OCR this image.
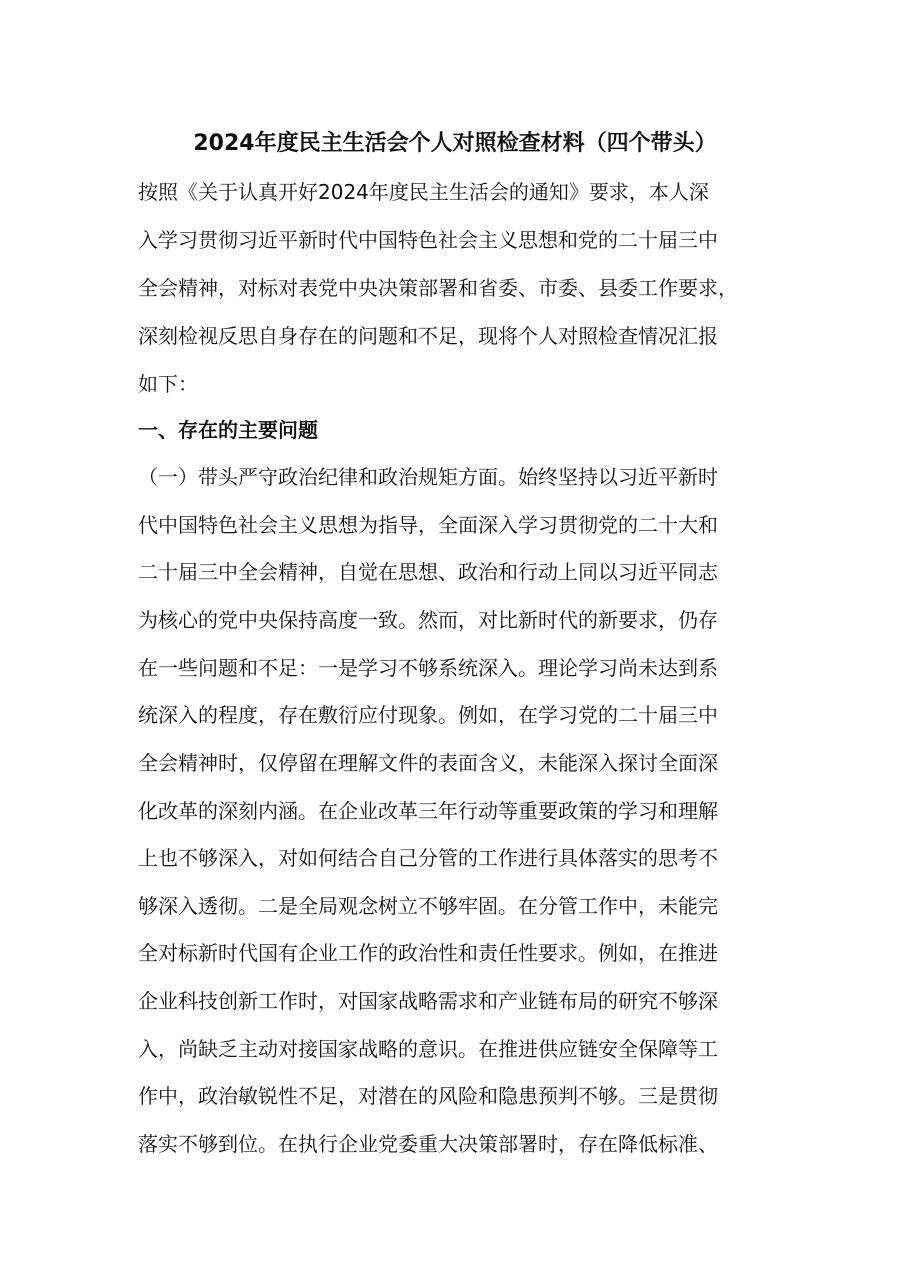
2024年度民主生活会个人对照检查材料（四个带头）
按照《关于认真开好2024年度民主生活会的通知》要求，本人深
入学习贯彻习近平新时代中国特色社会主义思想和党的二十届三中
全会精神，对标对表党中央决策部署和省委、市委、县委工作要求，
深刻检视反思自身存在的问题和不足，现将个人对照检查情况汇报
如下：
一、存在的主要问题
（一）带头严守政治纪律和政治规矩方面。始终坚持以习近平新时
代中国特色社会主义思想为指导，全面深入学习贯彻党的二十大和
二十届三中全会精神，自觉在思想、政治和行动上同以习近平同志
为核心的党中央保持高度一致。然而，对比新时代的新要求，仍存
在一些问题和不足：一是学习不够系统深入。理论学习尚未达到系
统深入的程度，存在敷衍应付现象。例如，在学习党的二十届三中
全会精神时，仅停留在理解文件的表面含义，未能深入探讨全面深
化改革的深刻内涵。在企业改革三年行动等重要政策的学习和理解
上也不够深入，对如何结合自己分管的工作进行具体落实的思考不
够深入透彻。二是全局观念树立不够牢固。在分管工作中，未能完
全对标新时代国有企业工作的政治性和责任性要求。例如，在推进
企业科技创新工作时，对国家战略需求和产业链布局的研究不够深
入，尚缺乏主动对接国家战略的意识。在推进供应链安全保障等工
作中，政治敏锐性不足，对潜在的风险和隐患预判不够。三是贯彻
落实不够到位。在执行企业党委重大决策部署时，存在降低标准、
